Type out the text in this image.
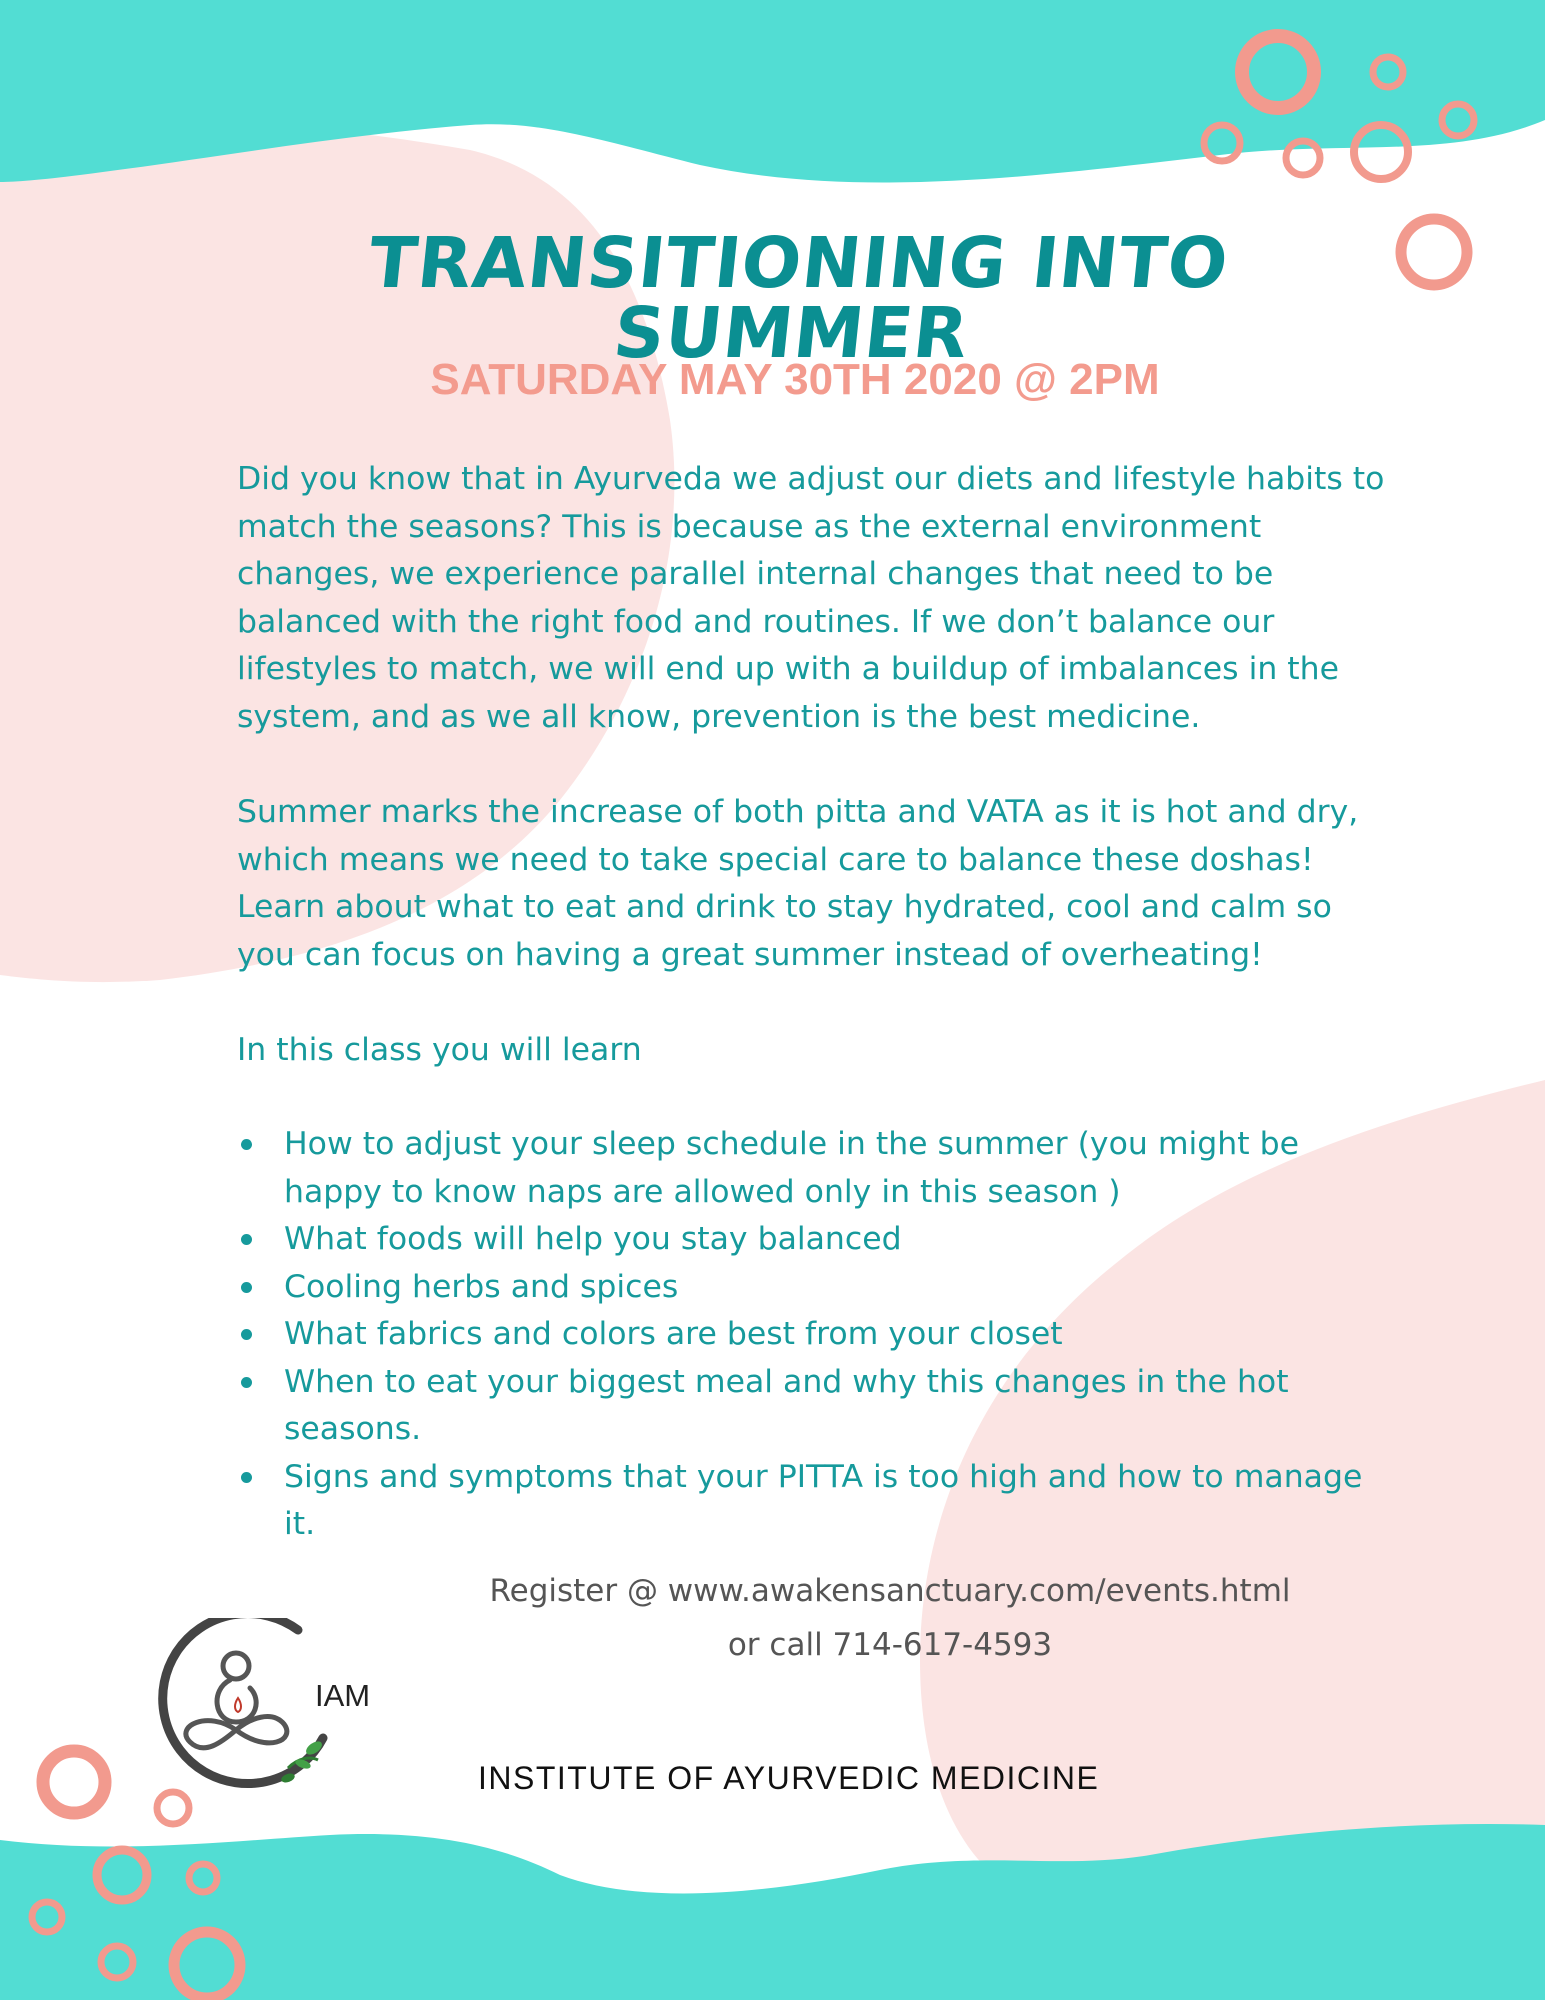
TRANSITIONING INTO SUMMER

SATURDAY MAY 30TH 2020 @ 2PM

Did you know that in Ayurveda we adjust our diets and lifestyle habits to match the seasons? This is because as the external environment changes, we experience parallel internal changes that need to be balanced with the right food and routines. If we don’t balance our lifestyles to match, we will end up with a buildup of imbalances in the system, and as we all know, prevention is the best medicine.

Summer marks the increase of both pitta and VATA as it is hot and dry, which means we need to take special care to balance these doshas! Learn about what to eat and drink to stay hydrated, cool and calm so you can focus on having a great summer instead of overheating!

In this class you will learn

How to adjust your sleep schedule in the summer (you might be happy to know naps are allowed only in this season )
What foods will help you stay balanced
Cooling herbs and spices
What fabrics and colors are best from your closet
When to eat your biggest meal and why this changes in the hot seasons.
Signs and symptoms that your PITTA is too high and how to manage it.

Register @ www.awakensanctuary.com/events.html

or call 714-617-4593

IAM

INSTITUTE OF AYURVEDIC MEDICINE
